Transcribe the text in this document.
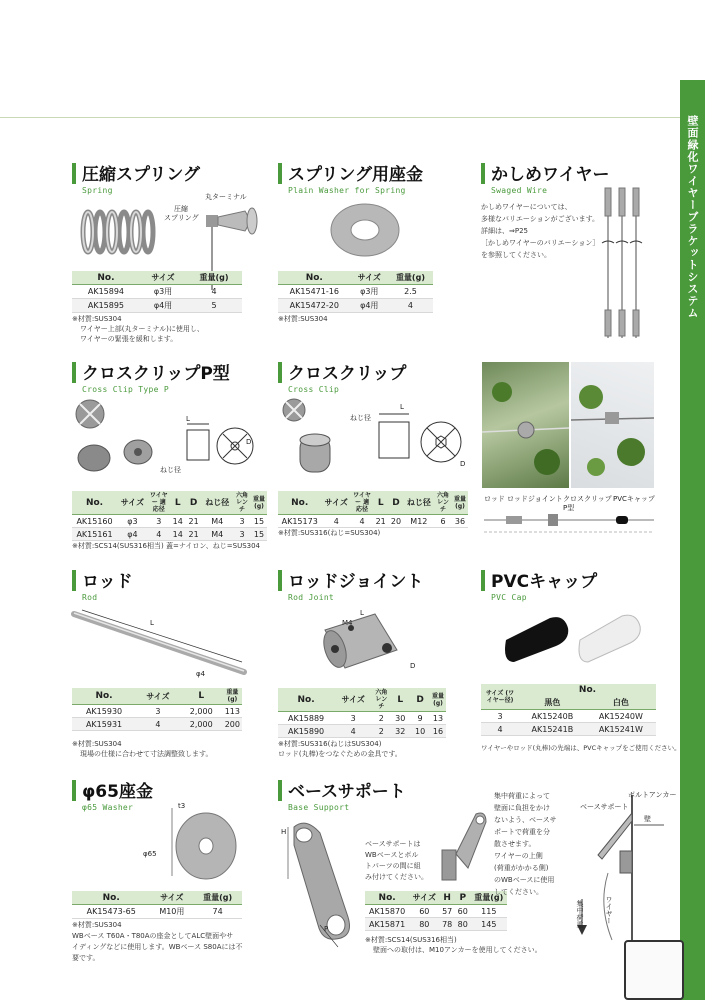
壁面緑化ワイヤーブラケットシステム
圧縮スプリング
Spring
丸ターミナル
圧縮
スプリング
No.	サイズ	重量(g)
AK15894	φ3用	4
AK15895	φ4用	5
※材質:SUS304
ワイヤー上部(丸ターミナル)に使用し、
ワイヤーの緊張を緩和します。
スプリング用座金
Plain Washer for Spring
No.	サイズ	重量(g)
AK15471-16	φ3用	2.5
AK15472-20	φ4用	4
※材質:SUS304
かしめワイヤー
Swaged Wire
かしめワイヤーについては、
多様なバリエーションがございます。
詳細は、⇒P25
［かしめワイヤーのバリエーション］
を参照してください。
クロスクリップP型
Cross Clip Type P
L
D
ねじ径
No.	サイズ	ワイヤー 適応径	L	D	ねじ径	六角 レンチ	重量 (g)
AK15160	φ3	3	14	21	M4	3	15
AK15161	φ4	4	14	21	M4	3	15
※材質:SCS14(SUS316相当) 蓋=ナイロン、ねじ=SUS304
クロスクリップ
Cross Clip
ねじ径
L
D
No.	サイズ	ワイヤー 適応径	L	D	ねじ径	六角 レンチ	重量 (g)
AK15173	4	4	21	20	M12	6	36
※材質:SUS316(ねじ=SUS304)
ロッド ロッドジョイント クロスクリップ
P型
PVCキャップ
ロッド
Rod
L
φ4
No.	サイズ	L	重量 (g)
AK15930	3	2,000	113
AK15931	4	2,000	200
※材質:SUS304
現場の仕様に合わせて寸法調整致します。
ロッドジョイント
Rod Joint
L
M4
D
No.	サイズ	六角 レンチ	L	D	重量 (g)
AK15889	3	2	30	9	13
AK15890	4	2	32	10	16
※材質:SUS316(ねじはSUS304)
ロッド(丸棒)をつなぐための金具です。
PVCキャップ
PVC Cap
サイズ (ワイヤー径)	No.	
	黒色	白色
3	AK15240B	AK15240W
4	AK15241B	AK15241W
ワイヤーやロッド(丸棒)の先端は、PVCキャップをご使用ください。
φ65座金
φ65 Washer	t3
φ65
No.	サイズ	重量(g)
AK15473-65	M10用	74
※材質:SUS304
WBベース T60A・T80Aの座金としてALC壁面やサ
イディングなどに使用します。WBベース S80Aには不
要です。
ベースサポート
Base Support
H
P
ベースサポートは
WBベースとボル
トパーツの間に組
み付けてください。
No.	サイズ	H	P	重量(g)
AK15870	60	57	60	115
AK15871	80	78	80	145
※材質:SCS14(SUS316相当)
壁面への取付は、M10アンカーを使用してください。
集中荷重によって
壁面に負担をかけ
ないよう、ベースサ
ポートで荷重を分
散させます。
ワイヤーの上側
(荷重がかかる側)
のWBベースに使用
してください。
ボルトアンカー
ベースサポート
壁
集中荷重	ワイヤー
